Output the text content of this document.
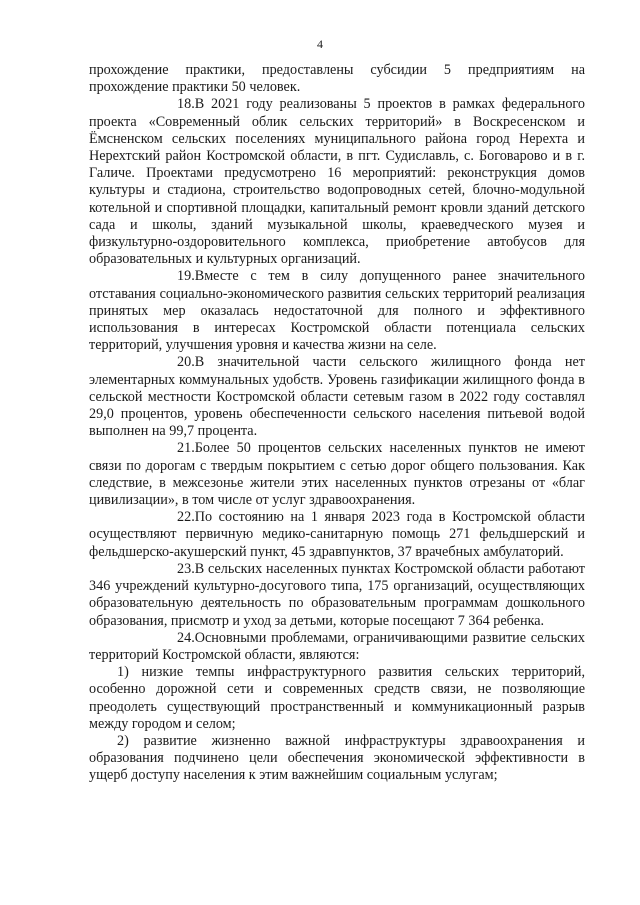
4

прохождение практики, предоставлены субсидии 5 предприятиям на прохождение практики 50 человек.

18.В 2021 году реализованы 5 проектов в рамках федерального проекта «Современный облик сельских территорий» в Воскресенском и Ёмсненском сельских поселениях муниципального района город Нерехта и Нерехтский район Костромской области, в пгт. Судиславль, с. Боговарово и в г. Галиче. Проектами предусмотрено 16 мероприятий: реконструкция домов культуры и стадиона, строительство водопроводных сетей, блочно-модульной котельной и спортивной площадки, капитальный ремонт кровли зданий детского сада и школы, зданий музыкальной школы, краеведческого музея и физкультурно-оздоровительного комплекса, приобретение автобусов для образовательных и культурных организаций.

19.Вместе с тем в силу допущенного ранее значительного отставания социально-экономического развития сельских территорий реализация принятых мер оказалась недостаточной для полного и эффективного использования в интересах Костромской области потенциала сельских территорий, улучшения уровня и качества жизни на селе.

20.В значительной части сельского жилищного фонда нет элементарных коммунальных удобств. Уровень газификации жилищного фонда в сельской местности Костромской области сетевым газом в 2022 году составлял 29,0 процентов, уровень обеспеченности сельского населения питьевой водой выполнен на 99,7 процента.

21.Более 50 процентов сельских населенных пунктов не имеют связи по дорогам с твердым покрытием с сетью дорог общего пользования. Как следствие, в межсезонье жители этих населенных пунктов отрезаны от «благ цивилизации», в том числе от услуг здравоохранения.

22.По состоянию на 1 января 2023 года в Костромской области осуществляют первичную медико-санитарную помощь 271 фельдшерский и фельдшерско-акушерский пункт, 45 здравпунктов, 37 врачебных амбулаторий.

23.В сельских населенных пунктах Костромской области работают 346 учреждений культурно-досугового типа, 175 организаций, осуществляющих образовательную деятельность по образовательным программам дошкольного образования, присмотр и уход за детьми, которые посещают 7 364 ребенка.

24.Основными проблемами, ограничивающими развитие сельских территорий Костромской области, являются:

1) низкие темпы инфраструктурного развития сельских территорий, особенно дорожной сети и современных средств связи, не позволяющие преодолеть существующий пространственный и коммуникационный разрыв между городом и селом;

2) развитие жизненно важной инфраструктуры здравоохранения и образования подчинено цели обеспечения экономической эффективности в ущерб доступу населения к этим важнейшим социальным услугам;
